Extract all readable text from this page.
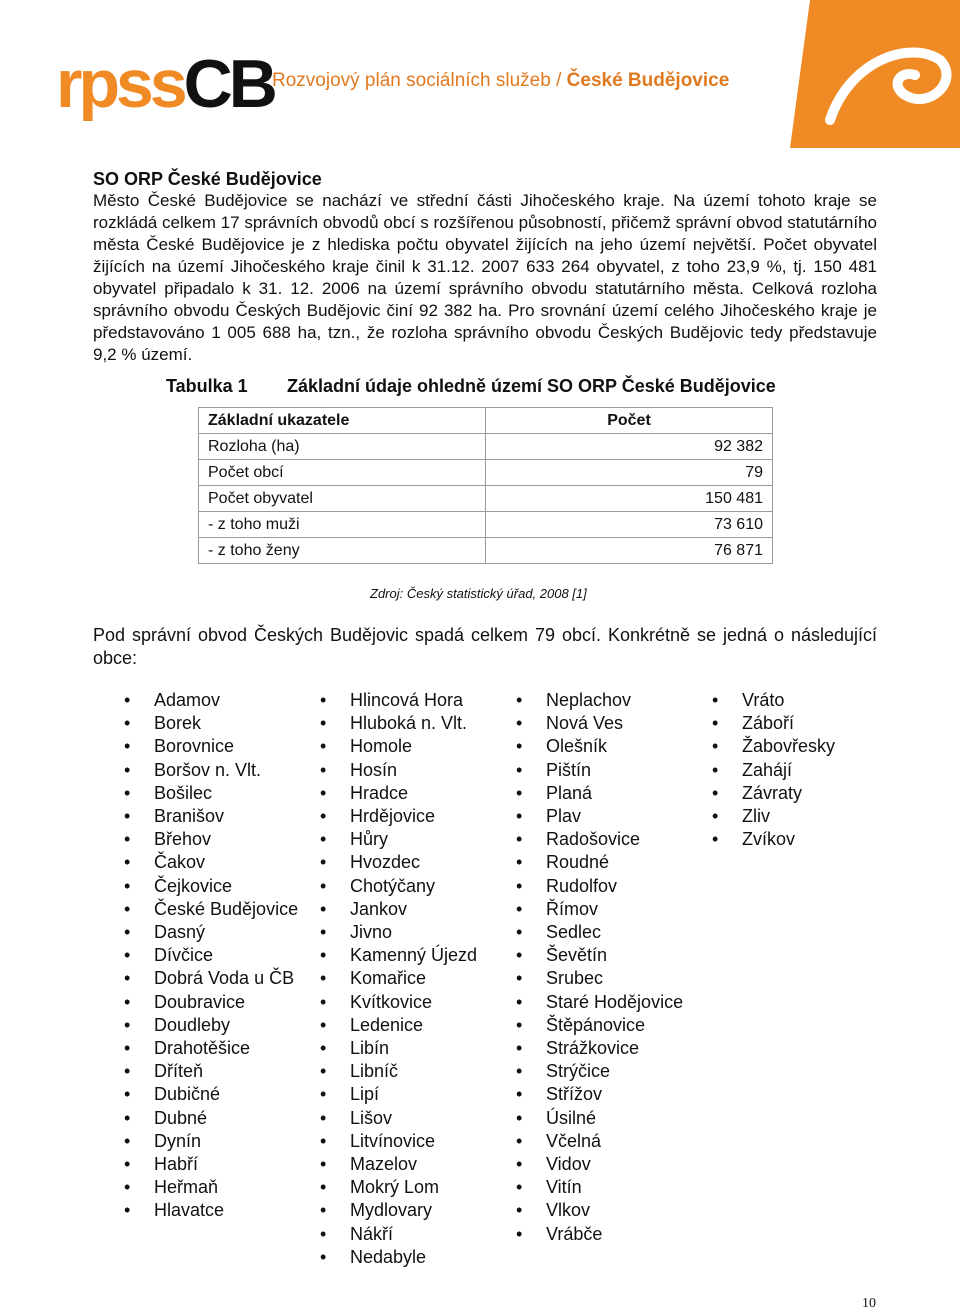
rpssCB
Rozvojový plán sociálních služeb / České Budějovice

SO ORP České Budějovice

Město České Budějovice se nachází ve střední části Jihočeského kraje. Na území tohoto kraje se rozkládá celkem 17 správních obvodů obcí s rozšířenou působností, přičemž správní obvod statutárního města České Budějovice je z hlediska počtu obyvatel žijících na jeho území největší. Počet obyvatel žijících na území Jihočeského kraje činil k 31.12. 2007 633 264 obyvatel, z toho 23,9 %, tj. 150 481 obyvatel připadalo k 31. 12. 2006 na území správního obvodu statutárního města. Celková rozloha správního obvodu Českých Budějovic činí 92 382 ha. Pro srovnání území celého Jihočeského kraje je představováno 1 005 688 ha, tzn., že rozloha správního obvodu Českých Budějovic tedy představuje 9,2 % území.

Tabulka 1 Základní údaje ohledně území SO ORP České Budějovice
Základní ukazatele	Počet
Rozloha (ha)	92 382
Počet obcí	79
Počet obyvatel	150 481
- z toho muži	73 610
- z toho ženy	76 871
Zdroj: Český statistický úřad, 2008 [1]
Pod správní obvod Českých Budějovic spadá celkem 79 obcí. Konkrétně se jedná o následující obce:
• Adamov
• Borek
• Borovnice
• Boršov n. Vlt.
• Bošilec
• Branišov
• Břehov
• Čakov
• Čejkovice
• České Budějovice
• Dasný
• Dívčice
• Dobrá Voda u ČB
• Doubravice
• Doudleby
• Drahotěšice
• Dříteň
• Dubičné
• Dubné
• Dynín
• Habří
• Heřmaň
• Hlavatce
• Hlincová Hora
• Hluboká n. Vlt.
• Homole
• Hosín
• Hradce
• Hrdějovice
• Hůry
• Hvozdec
• Chotýčany
• Jankov
• Jivno
• Kamenný Újezd
• Komařice
• Kvítkovice
• Ledenice
• Libín
• Libníč
• Lipí
• Lišov
• Litvínovice
• Mazelov
• Mokrý Lom
• Mydlovary
• Nákří
• Nedabyle
• Neplachov
• Nová Ves
• Olešník
• Pištín
• Planá
• Plav
• Radošovice
• Roudné
• Rudolfov
• Římov
• Sedlec
• Ševětín
• Srubec
• Staré Hodějovice
• Štěpánovice
• Strážkovice
• Strýčice
• Střížov
• Úsilné
• Včelná
• Vidov
• Vitín
• Vlkov
• Vrábče
• Vráto
• Záboří
• Žabovřesky
• Zahájí
• Závraty
• Zliv
• Zvíkov
10
